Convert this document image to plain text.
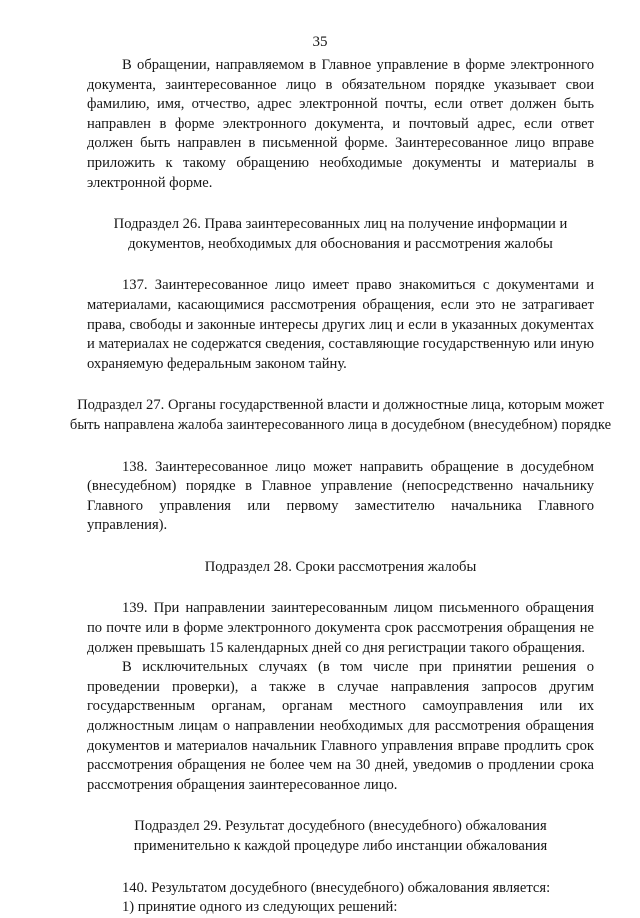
35

В обращении, направляемом в Главное управление в форме электронного документа, заинтересованное лицо в обязательном порядке указывает свои фамилию, имя, отчество, адрес электронной почты, если ответ должен быть направлен в форме электронного документа, и почтовый адрес, если ответ должен быть направлен в письменной форме. Заинтересованное лицо вправе приложить к такому обращению необходимые документы и материалы в электронной форме.

Подраздел 26. Права заинтересованных лиц на получение информации и документов, необходимых для обоснования и рассмотрения жалобы

137. Заинтересованное лицо имеет право знакомиться с документами и материалами, касающимися рассмотрения обращения, если это не затрагивает права, свободы и законные интересы других лиц и если в указанных документах и материалах не содержатся сведения, составляющие государственную или иную охраняемую федеральным законом тайну.

Подраздел 27. Органы государственной власти и должностные лица, которым может быть направлена жалоба заинтересованного лица в досудебном (внесудебном) порядке

138. Заинтересованное лицо может направить обращение в досудебном (внесудебном) порядке в Главное управление (непосредственно начальнику Главного управления или первому заместителю начальника Главного управления).

Подраздел 28. Сроки рассмотрения жалобы

139. При направлении заинтересованным лицом письменного обращения по почте или в форме электронного документа срок рассмотрения обращения не должен превышать 15 календарных дней со дня регистрации такого обращения.

В исключительных случаях (в том числе при принятии решения о проведении проверки), а также в случае направления запросов другим государственным органам, органам местного самоуправления или их должностным лицам о направлении необходимых для рассмотрения обращения документов и материалов начальник Главного управления вправе продлить срок рассмотрения обращения не более чем на 30 дней, уведомив о продлении срока рассмотрения обращения заинтересованное лицо.

Подраздел 29. Результат досудебного (внесудебного) обжалования применительно к каждой процедуре либо инстанции обжалования

140. Результатом досудебного (внесудебного) обжалования является:

1) принятие одного из следующих решений:
